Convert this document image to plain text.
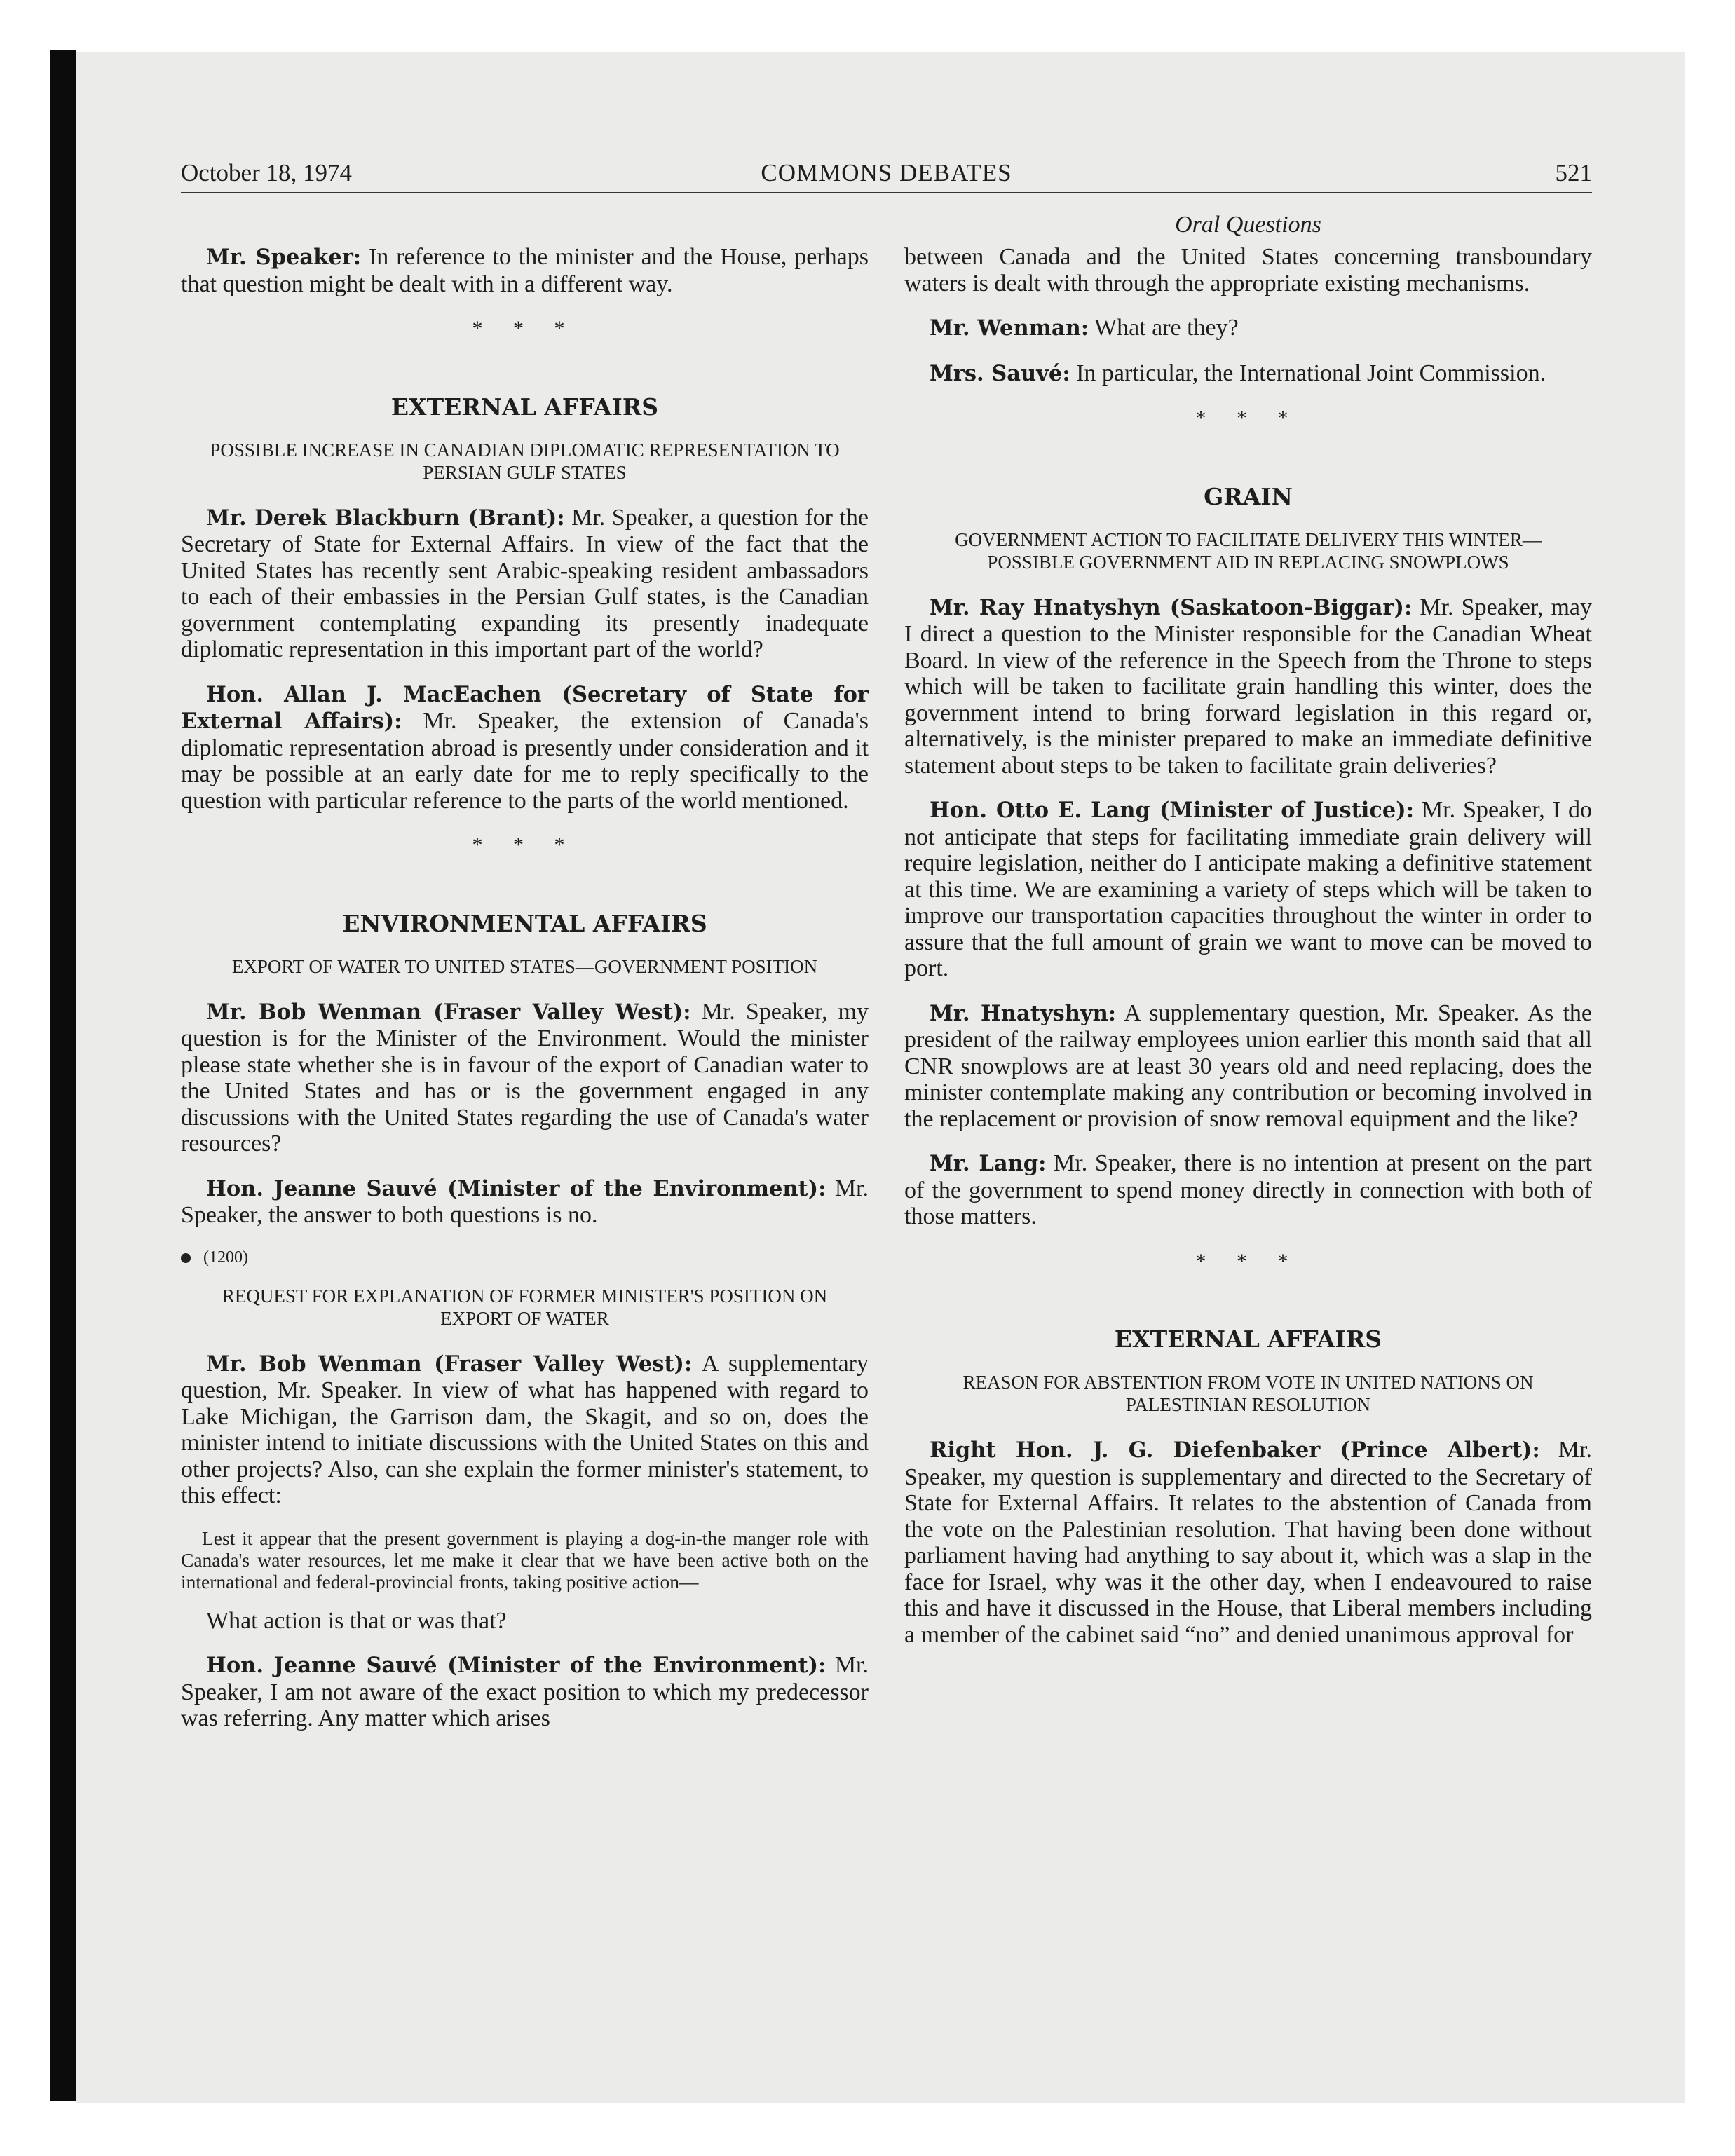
October 18, 1974	COMMONS DEBATES	521
Oral Questions

Mr. Speaker: In reference to the minister and the House, perhaps that question might be dealt with in a different way.

* * *
EXTERNAL AFFAIRS
POSSIBLE INCREASE IN CANADIAN DIPLOMATIC REPRESENTATION TO PERSIAN GULF STATES

Mr. Derek Blackburn (Brant): Mr. Speaker, a question for the Secretary of State for External Affairs. In view of the fact that the United States has recently sent Arabic-speaking resident ambassadors to each of their embassies in the Persian Gulf states, is the Canadian government contemplating expanding its presently inadequate diplomatic representation in this important part of the world?

Hon. Allan J. MacEachen (Secretary of State for External Affairs): Mr. Speaker, the extension of Canada's diplomatic representation abroad is presently under consideration and it may be possible at an early date for me to reply specifically to the question with particular reference to the parts of the world mentioned.

* * *
ENVIRONMENTAL AFFAIRS
EXPORT OF WATER TO UNITED STATES—GOVERNMENT POSITION

Mr. Bob Wenman (Fraser Valley West): Mr. Speaker, my question is for the Minister of the Environment. Would the minister please state whether she is in favour of the export of Canadian water to the United States and has or is the government engaged in any discussions with the United States regarding the use of Canada's water resources?

Hon. Jeanne Sauvé (Minister of the Environment): Mr. Speaker, the answer to both questions is no.

(1200)
REQUEST FOR EXPLANATION OF FORMER MINISTER'S POSITION ON EXPORT OF WATER

Mr. Bob Wenman (Fraser Valley West): A supplementary question, Mr. Speaker. In view of what has happened with regard to Lake Michigan, the Garrison dam, the Skagit, and so on, does the minister intend to initiate discussions with the United States on this and other projects? Also, can she explain the former minister's statement, to this effect:

Lest it appear that the present government is playing a dog-in-the manger role with Canada's water resources, let me make it clear that we have been active both on the international and federal-provincial fronts, taking positive action—

What action is that or was that?

Hon. Jeanne Sauvé (Minister of the Environment): Mr. Speaker, I am not aware of the exact position to which my predecessor was referring. Any matter which arises

between Canada and the United States concerning transboundary waters is dealt with through the appropriate existing mechanisms.

Mr. Wenman: What are they?

Mrs. Sauvé: In particular, the International Joint Commission.

* * *
GRAIN
GOVERNMENT ACTION TO FACILITATE DELIVERY THIS WINTER—POSSIBLE GOVERNMENT AID IN REPLACING SNOWPLOWS

Mr. Ray Hnatyshyn (Saskatoon-Biggar): Mr. Speaker, may I direct a question to the Minister responsible for the Canadian Wheat Board. In view of the reference in the Speech from the Throne to steps which will be taken to facilitate grain handling this winter, does the government intend to bring forward legislation in this regard or, alternatively, is the minister prepared to make an immediate definitive statement about steps to be taken to facilitate grain deliveries?

Hon. Otto E. Lang (Minister of Justice): Mr. Speaker, I do not anticipate that steps for facilitating immediate grain delivery will require legislation, neither do I anticipate making a definitive statement at this time. We are examining a variety of steps which will be taken to improve our transportation capacities throughout the winter in order to assure that the full amount of grain we want to move can be moved to port.

Mr. Hnatyshyn: A supplementary question, Mr. Speaker. As the president of the railway employees union earlier this month said that all CNR snowplows are at least 30 years old and need replacing, does the minister contemplate making any contribution or becoming involved in the replacement or provision of snow removal equipment and the like?

Mr. Lang: Mr. Speaker, there is no intention at present on the part of the government to spend money directly in connection with both of those matters.

* * *
EXTERNAL AFFAIRS
REASON FOR ABSTENTION FROM VOTE IN UNITED NATIONS ON PALESTINIAN RESOLUTION

Right Hon. J. G. Diefenbaker (Prince Albert): Mr. Speaker, my question is supplementary and directed to the Secretary of State for External Affairs. It relates to the abstention of Canada from the vote on the Palestinian resolution. That having been done without parliament having had anything to say about it, which was a slap in the face for Israel, why was it the other day, when I endeavoured to raise this and have it discussed in the House, that Liberal members including a member of the cabinet said “no” and denied unanimous approval for
